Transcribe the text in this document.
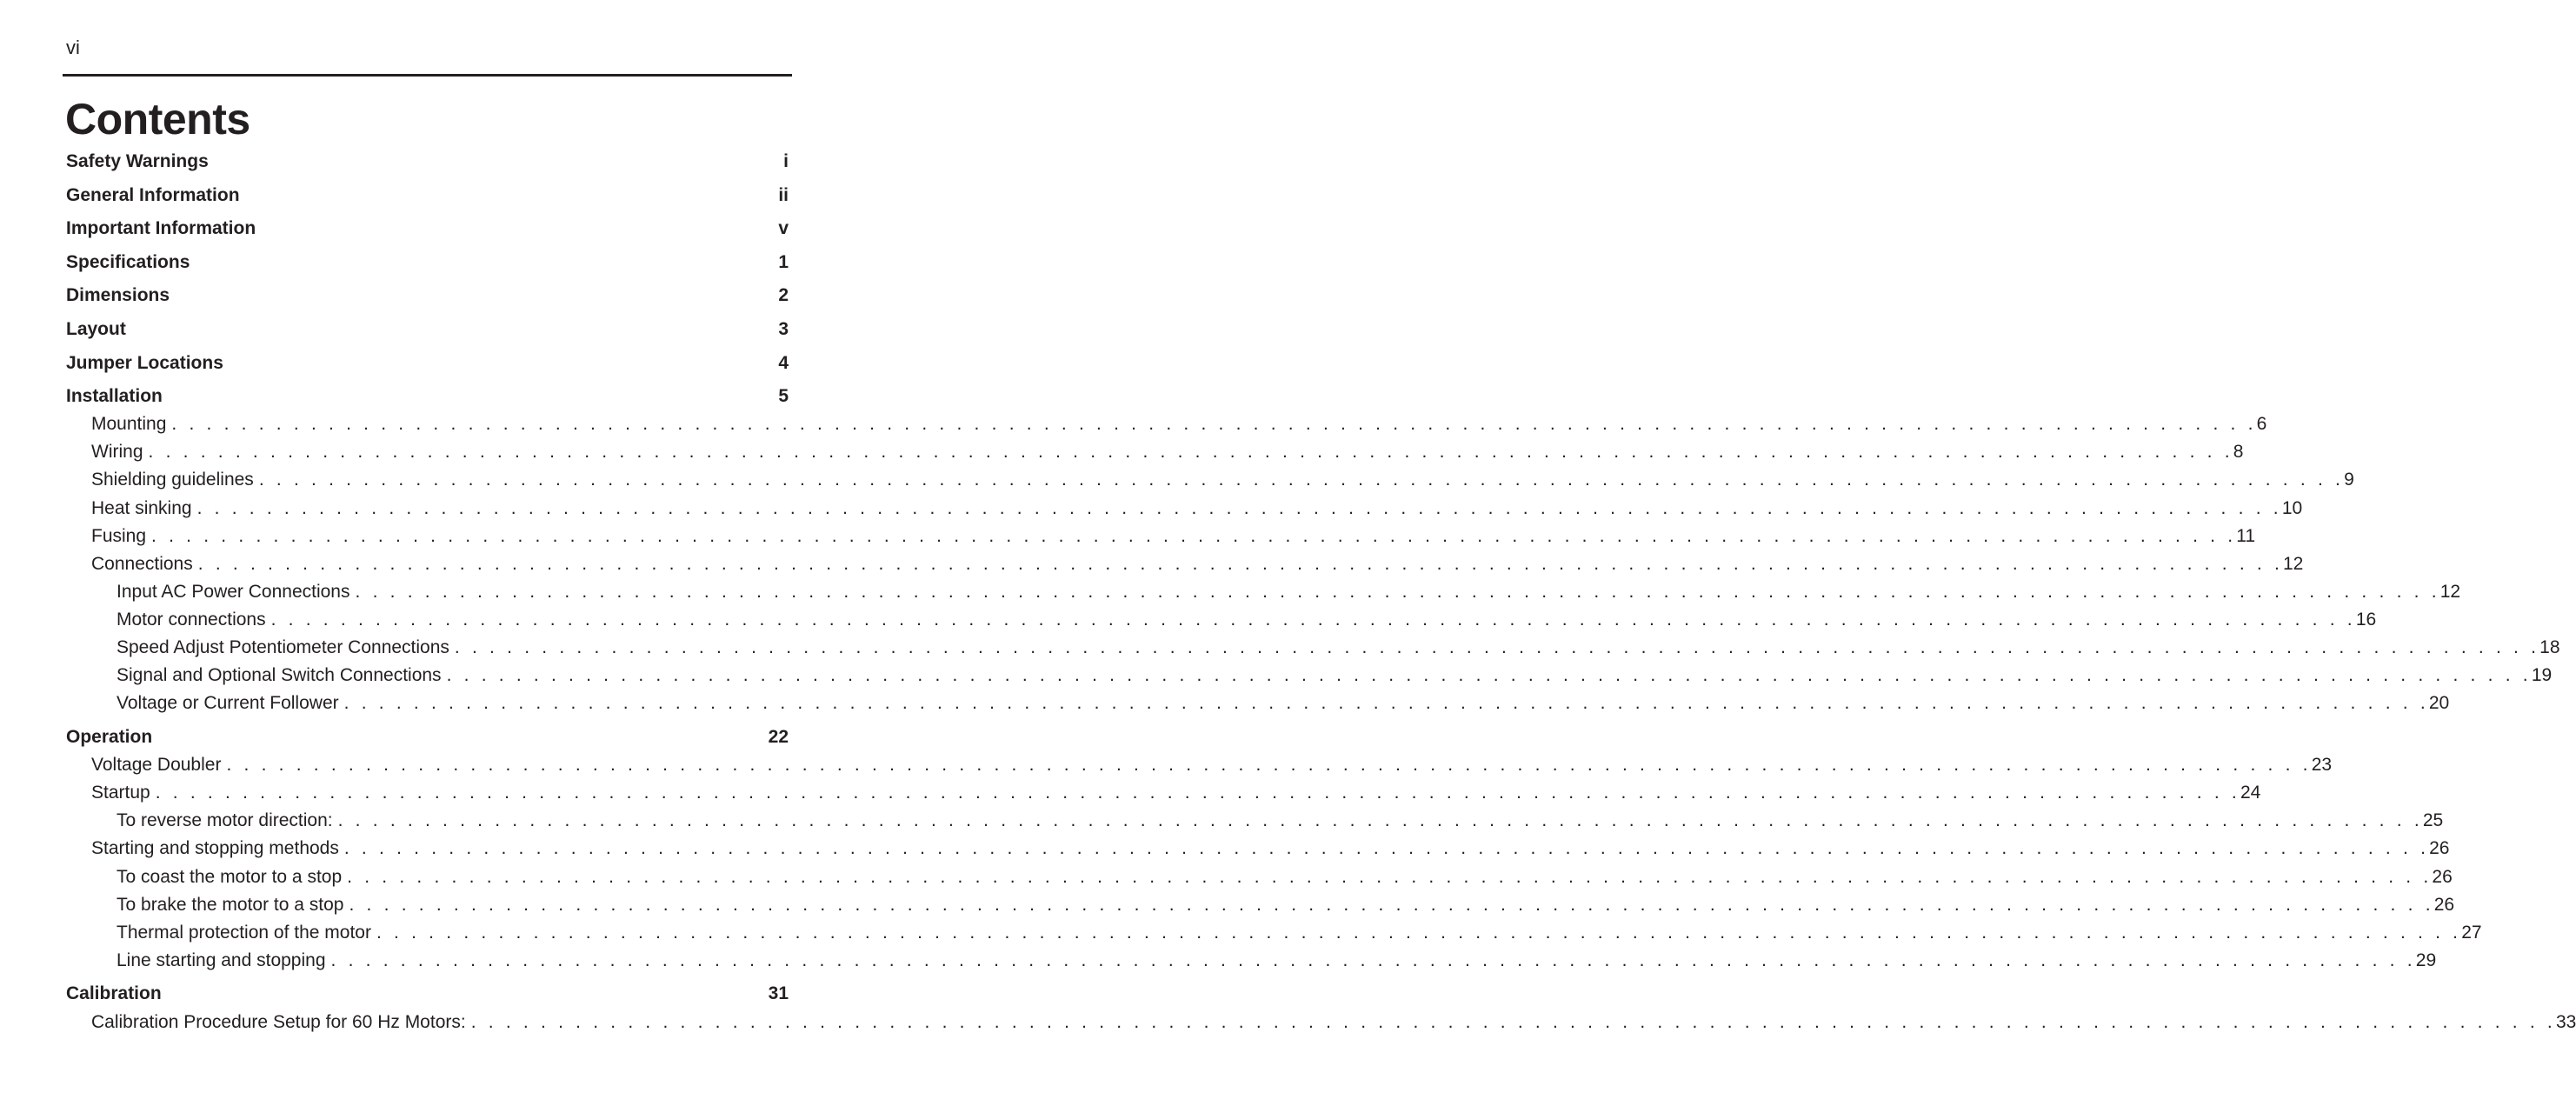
vi
Contents
Safety Warnings	i
General Information	ii
Important Information	v
Specifications	1
Dimensions	2
Layout	3
Jumper Locations	4
Installation	5
Mounting . . . . . . . . . . . . . . . . . . . . . . . . . . . . . . . . . . . . . . . . . . . . . . . . . . . . . . . . . . . . . . . . . . . . . . . . . . . . . . . . . . . . . . . . . . . . . . . . . . . . . . . . . . . . . . . . . . . . . . . . 6
Wiring . . . . . . . . . . . . . . . . . . . . . . . . . . . . . . . . . . . . . . . . . . . . . . . . . . . . . . . . . . . . . . . . . . . . . . . . . . . . . . . . . . . . . . . . . . . . . . . . . . . . . . . . . . . . . . . . . . . . . . . . 8
Shielding guidelines . . . . . . . . . . . . . . . . . . . . . . . . . . . . . . . . . . . . . . . . . . . . . . . . . . . . . . . . . . . . . . . . . . . . . . . . . . . . . . . . . . . . . . . . . . . . . . . . . . . . . . . . . . . . . . . . . . . . . . . . 9
Heat sinking . . . . . . . . . . . . . . . . . . . . . . . . . . . . . . . . . . . . . . . . . . . . . . . . . . . . . . . . . . . . . . . . . . . . . . . . . . . . . . . . . . . . . . . . . . . . . . . . . . . . . . . . . . . . . . . . . . . . . . . . 10
Fusing . . . . . . . . . . . . . . . . . . . . . . . . . . . . . . . . . . . . . . . . . . . . . . . . . . . . . . . . . . . . . . . . . . . . . . . . . . . . . . . . . . . . . . . . . . . . . . . . . . . . . . . . . . . . . . . . . . . . . . . . 11
Connections . . . . . . . . . . . . . . . . . . . . . . . . . . . . . . . . . . . . . . . . . . . . . . . . . . . . . . . . . . . . . . . . . . . . . . . . . . . . . . . . . . . . . . . . . . . . . . . . . . . . . . . . . . . . . . . . . . . . . . . . 12
Input AC Power Connections . . . . . . . . . . . . . . . . . . . . . . . . . . . . . . . . . . . . . . . . . . . . . . . . . . . . . . . . . . . . . . . . . . . . . . . . . . . . . . . . . . . . . . . . . . . . . . . . . . . . . . . . . . . . . . . . . . . . . . . . 12
Motor connections . . . . . . . . . . . . . . . . . . . . . . . . . . . . . . . . . . . . . . . . . . . . . . . . . . . . . . . . . . . . . . . . . . . . . . . . . . . . . . . . . . . . . . . . . . . . . . . . . . . . . . . . . . . . . . . . . . . . . . . . 16
Speed Adjust Potentiometer Connections . . . . . . . . . . . . . . . . . . . . . . . . . . . . . . . . . . . . . . . . . . . . . . . . . . . . . . . . . . . . . . . . . . . . . . . . . . . . . . . . . . . . . . . . . . . . . . . . . . . . . . . . . . . . . . . . . . . . . . . . 18
Signal and Optional Switch Connections . . . . . . . . . . . . . . . . . . . . . . . . . . . . . . . . . . . . . . . . . . . . . . . . . . . . . . . . . . . . . . . . . . . . . . . . . . . . . . . . . . . . . . . . . . . . . . . . . . . . . . . . . . . . . . . . . . . . . . . . 19
Voltage or Current Follower . . . . . . . . . . . . . . . . . . . . . . . . . . . . . . . . . . . . . . . . . . . . . . . . . . . . . . . . . . . . . . . . . . . . . . . . . . . . . . . . . . . . . . . . . . . . . . . . . . . . . . . . . . . . . . . . . . . . . . . . 20
Operation	22
Voltage Doubler . . . . . . . . . . . . . . . . . . . . . . . . . . . . . . . . . . . . . . . . . . . . . . . . . . . . . . . . . . . . . . . . . . . . . . . . . . . . . . . . . . . . . . . . . . . . . . . . . . . . . . . . . . . . . . . . . . . . . . . . 23
Startup . . . . . . . . . . . . . . . . . . . . . . . . . . . . . . . . . . . . . . . . . . . . . . . . . . . . . . . . . . . . . . . . . . . . . . . . . . . . . . . . . . . . . . . . . . . . . . . . . . . . . . . . . . . . . . . . . . . . . . . . 24
To reverse motor direction: . . . . . . . . . . . . . . . . . . . . . . . . . . . . . . . . . . . . . . . . . . . . . . . . . . . . . . . . . . . . . . . . . . . . . . . . . . . . . . . . . . . . . . . . . . . . . . . . . . . . . . . . . . . . . . . . . . . . . . . . 25
Starting and stopping methods . . . . . . . . . . . . . . . . . . . . . . . . . . . . . . . . . . . . . . . . . . . . . . . . . . . . . . . . . . . . . . . . . . . . . . . . . . . . . . . . . . . . . . . . . . . . . . . . . . . . . . . . . . . . . . . . . . . . . . . . 26
To coast the motor to a stop . . . . . . . . . . . . . . . . . . . . . . . . . . . . . . . . . . . . . . . . . . . . . . . . . . . . . . . . . . . . . . . . . . . . . . . . . . . . . . . . . . . . . . . . . . . . . . . . . . . . . . . . . . . . . . . . . . . . . . . . 26
To brake the motor to a stop . . . . . . . . . . . . . . . . . . . . . . . . . . . . . . . . . . . . . . . . . . . . . . . . . . . . . . . . . . . . . . . . . . . . . . . . . . . . . . . . . . . . . . . . . . . . . . . . . . . . . . . . . . . . . . . . . . . . . . . . 26
Thermal protection of the motor . . . . . . . . . . . . . . . . . . . . . . . . . . . . . . . . . . . . . . . . . . . . . . . . . . . . . . . . . . . . . . . . . . . . . . . . . . . . . . . . . . . . . . . . . . . . . . . . . . . . . . . . . . . . . . . . . . . . . . . . 27
Line starting and stopping . . . . . . . . . . . . . . . . . . . . . . . . . . . . . . . . . . . . . . . . . . . . . . . . . . . . . . . . . . . . . . . . . . . . . . . . . . . . . . . . . . . . . . . . . . . . . . . . . . . . . . . . . . . . . . . . . . . . . . . . 29
Calibration	31
Calibration Procedure Setup for 60 Hz Motors: . . . . . . . . . . . . . . . . . . . . . . . . . . . . . . . . . . . . . . . . . . . . . . . . . . . . . . . . . . . . . . . . . . . . . . . . . . . . . . . . . . . . . . . . . . . . . . . . . . . . . . . . . . . . . . . . . . . . . . . . 33
